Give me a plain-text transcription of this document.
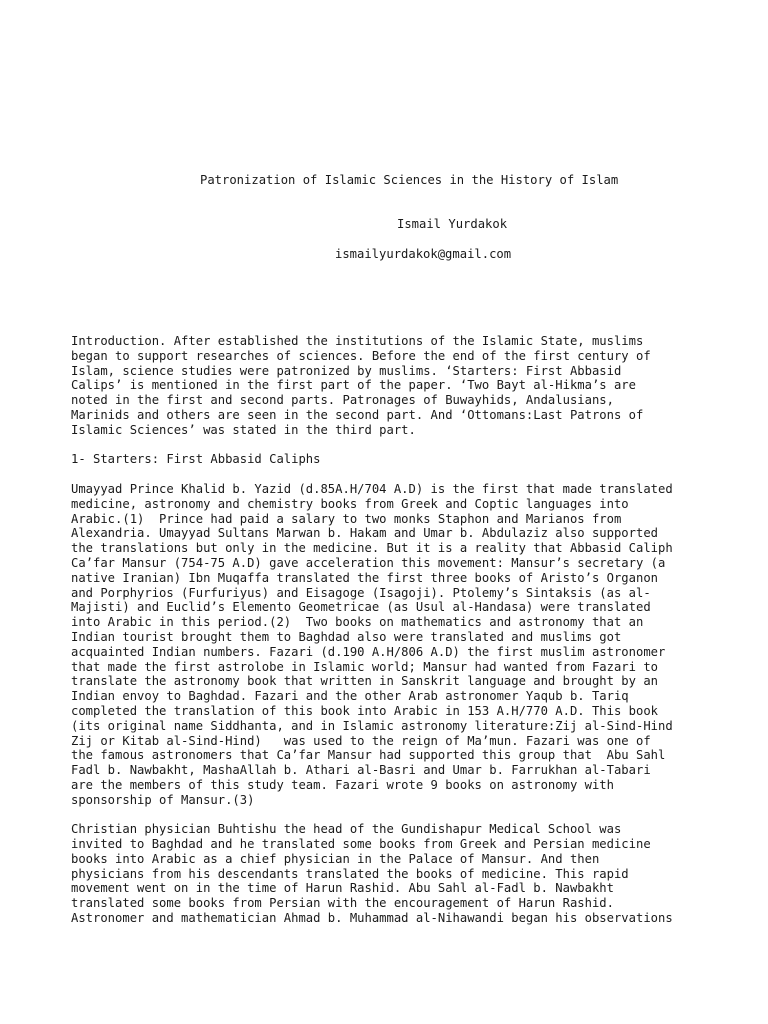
Patronization of Islamic Sciences in the History of Islam
Ismail Yurdakok
ismailyurdakok@gmail.com
Introduction. After established the institutions of the Islamic State, muslims
began to support researches of sciences. Before the end of the first century of
Islam, science studies were patronized by muslims. ‘Starters: First Abbasid
Calips’ is mentioned in the first part of the paper. ‘Two Bayt al-Hikma’s are
noted in the first and second parts. Patronages of Buwayhids, Andalusians,
Marinids and others are seen in the second part. And ‘Ottomans:Last Patrons of
Islamic Sciences’ was stated in the third part.
1- Starters: First Abbasid Caliphs
Umayyad Prince Khalid b. Yazid (d.85A.H/704 A.D) is the first that made translated
medicine, astronomy and chemistry books from Greek and Coptic languages into
Arabic.(1)  Prince had paid a salary to two monks Staphon and Marianos from
Alexandria. Umayyad Sultans Marwan b. Hakam and Umar b. Abdulaziz also supported
the translations but only in the medicine. But it is a reality that Abbasid Caliph
Ca’far Mansur (754-75 A.D) gave acceleration this movement: Mansur’s secretary (a
native Iranian) Ibn Muqaffa translated the first three books of Aristo’s Organon
and Porphyrios (Furfuriyus) and Eisagoge (Isagoji). Ptolemy’s Sintaksis (as al-
Majisti) and Euclid’s Elemento Geometricae (as Usul al-Handasa) were translated
into Arabic in this period.(2)  Two books on mathematics and astronomy that an
Indian tourist brought them to Baghdad also were translated and muslims got
acquainted Indian numbers. Fazari (d.190 A.H/806 A.D) the first muslim astronomer
that made the first astrolobe in Islamic world; Mansur had wanted from Fazari to
translate the astronomy book that written in Sanskrit language and brought by an
Indian envoy to Baghdad. Fazari and the other Arab astronomer Yaqub b. Tariq
completed the translation of this book into Arabic in 153 A.H/770 A.D. This book
(its original name Siddhanta, and in Islamic astronomy literature:Zij al-Sind-Hind
Zij or Kitab al-Sind-Hind)   was used to the reign of Ma’mun. Fazari was one of
the famous astronomers that Ca’far Mansur had supported this group that  Abu Sahl
Fadl b. Nawbakht, MashaAllah b. Athari al-Basri and Umar b. Farrukhan al-Tabari
are the members of this study team. Fazari wrote 9 books on astronomy with
sponsorship of Mansur.(3)
Christian physician Buhtishu the head of the Gundishapur Medical School was
invited to Baghdad and he translated some books from Greek and Persian medicine
books into Arabic as a chief physician in the Palace of Mansur. And then
physicians from his descendants translated the books of medicine. This rapid
movement went on in the time of Harun Rashid. Abu Sahl al-Fadl b. Nawbakht
translated some books from Persian with the encouragement of Harun Rashid.
Astronomer and mathematician Ahmad b. Muhammad al-Nihawandi began his observations
